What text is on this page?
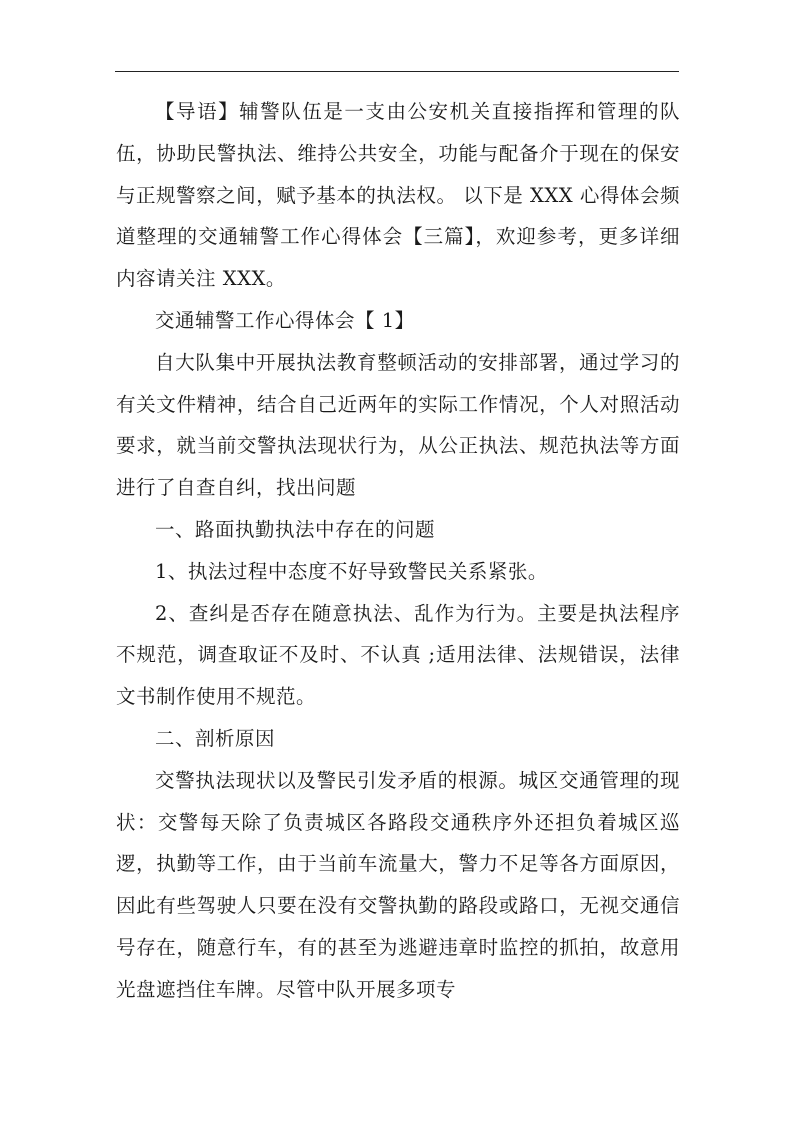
【导语】辅警队伍是一支由公安机关直接指挥和管理的队伍，协助民警执法、维持公共安全，功能与配备介于现在的保安与正规警察之间，赋予基本的执法权。 以下是 XXX 心得体会频道整理的交通辅警工作心得体会【三篇】，欢迎参考，更多详细内容请关注 XXX。

交通辅警工作心得体会【 1】

自大队集中开展执法教育整顿活动的安排部署，通过学习的有关文件精神，结合自己近两年的实际工作情况，个人对照活动要求，就当前交警执法现状行为，从公正执法、规范执法等方面进行了自查自纠，找出问题

一、路面执勤执法中存在的问题

1、执法过程中态度不好导致警民关系紧张。

2、查纠是否存在随意执法、乱作为行为。主要是执法程序不规范，调查取证不及时、不认真 ;适用法律、法规错误，法律文书制作使用不规范。

二、剖析原因

交警执法现状以及警民引发矛盾的根源。城区交通管理的现状：交警每天除了负责城区各路段交通秩序外还担负着城区巡逻，执勤等工作，由于当前车流量大，警力不足等各方面原因，因此有些驾驶人只要在没有交警执勤的路段或路口，无视交通信号存在，随意行车，有的甚至为逃避违章时监控的抓拍，故意用光盘遮挡住车牌。尽管中队开展多项专
